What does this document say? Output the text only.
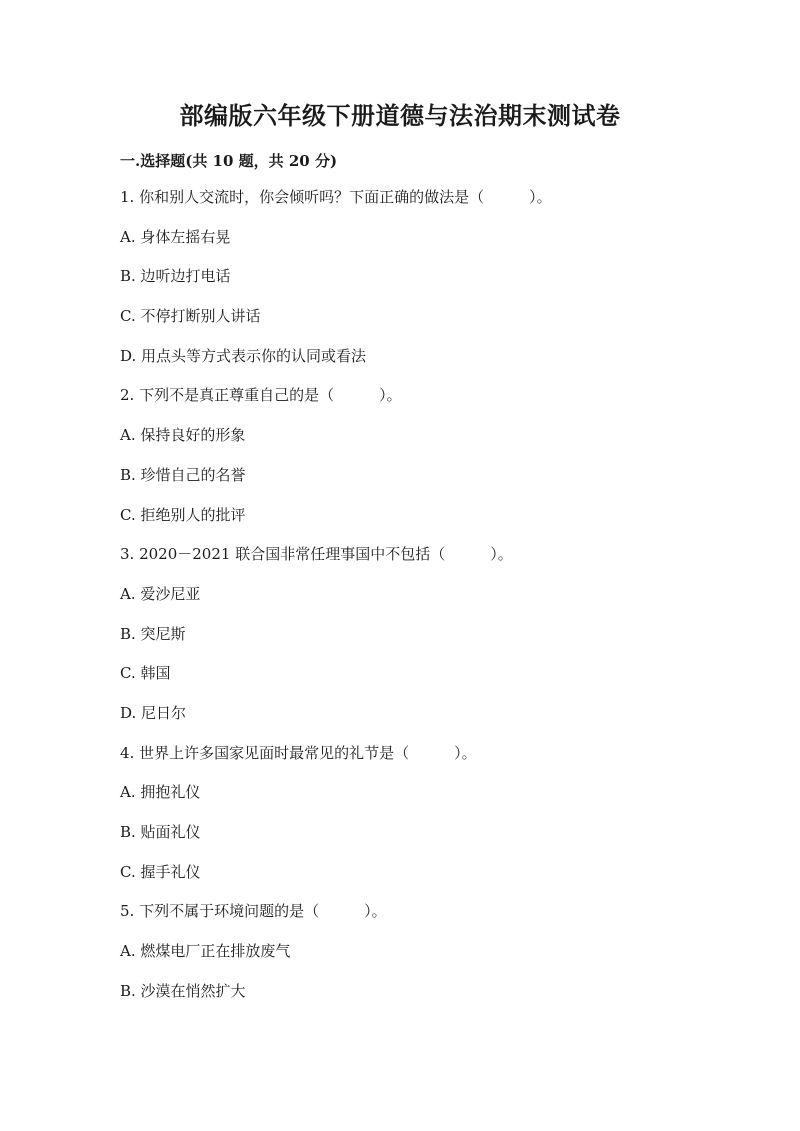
部编版六年级下册道德与法治期末测试卷
一.选择题(共 10 题，共 20 分)
1. 你和别人交流时，你会倾听吗？下面正确的做法是（　　　）。
A. 身体左摇右晃
B. 边听边打电话
C. 不停打断别人讲话
D. 用点头等方式表示你的认同或看法
2. 下列不是真正尊重自己的是（　　　）。
A. 保持良好的形象
B. 珍惜自己的名誉
C. 拒绝别人的批评
3. 2020－2021 联合国非常任理事国中不包括（　　　）。
A. 爱沙尼亚
B. 突尼斯
C. 韩国
D. 尼日尔
4. 世界上许多国家见面时最常见的礼节是（　　　）。
A. 拥抱礼仪
B. 贴面礼仪
C. 握手礼仪
5. 下列不属于环境问题的是（　　　）。
A. 燃煤电厂正在排放废气
B. 沙漠在悄然扩大
